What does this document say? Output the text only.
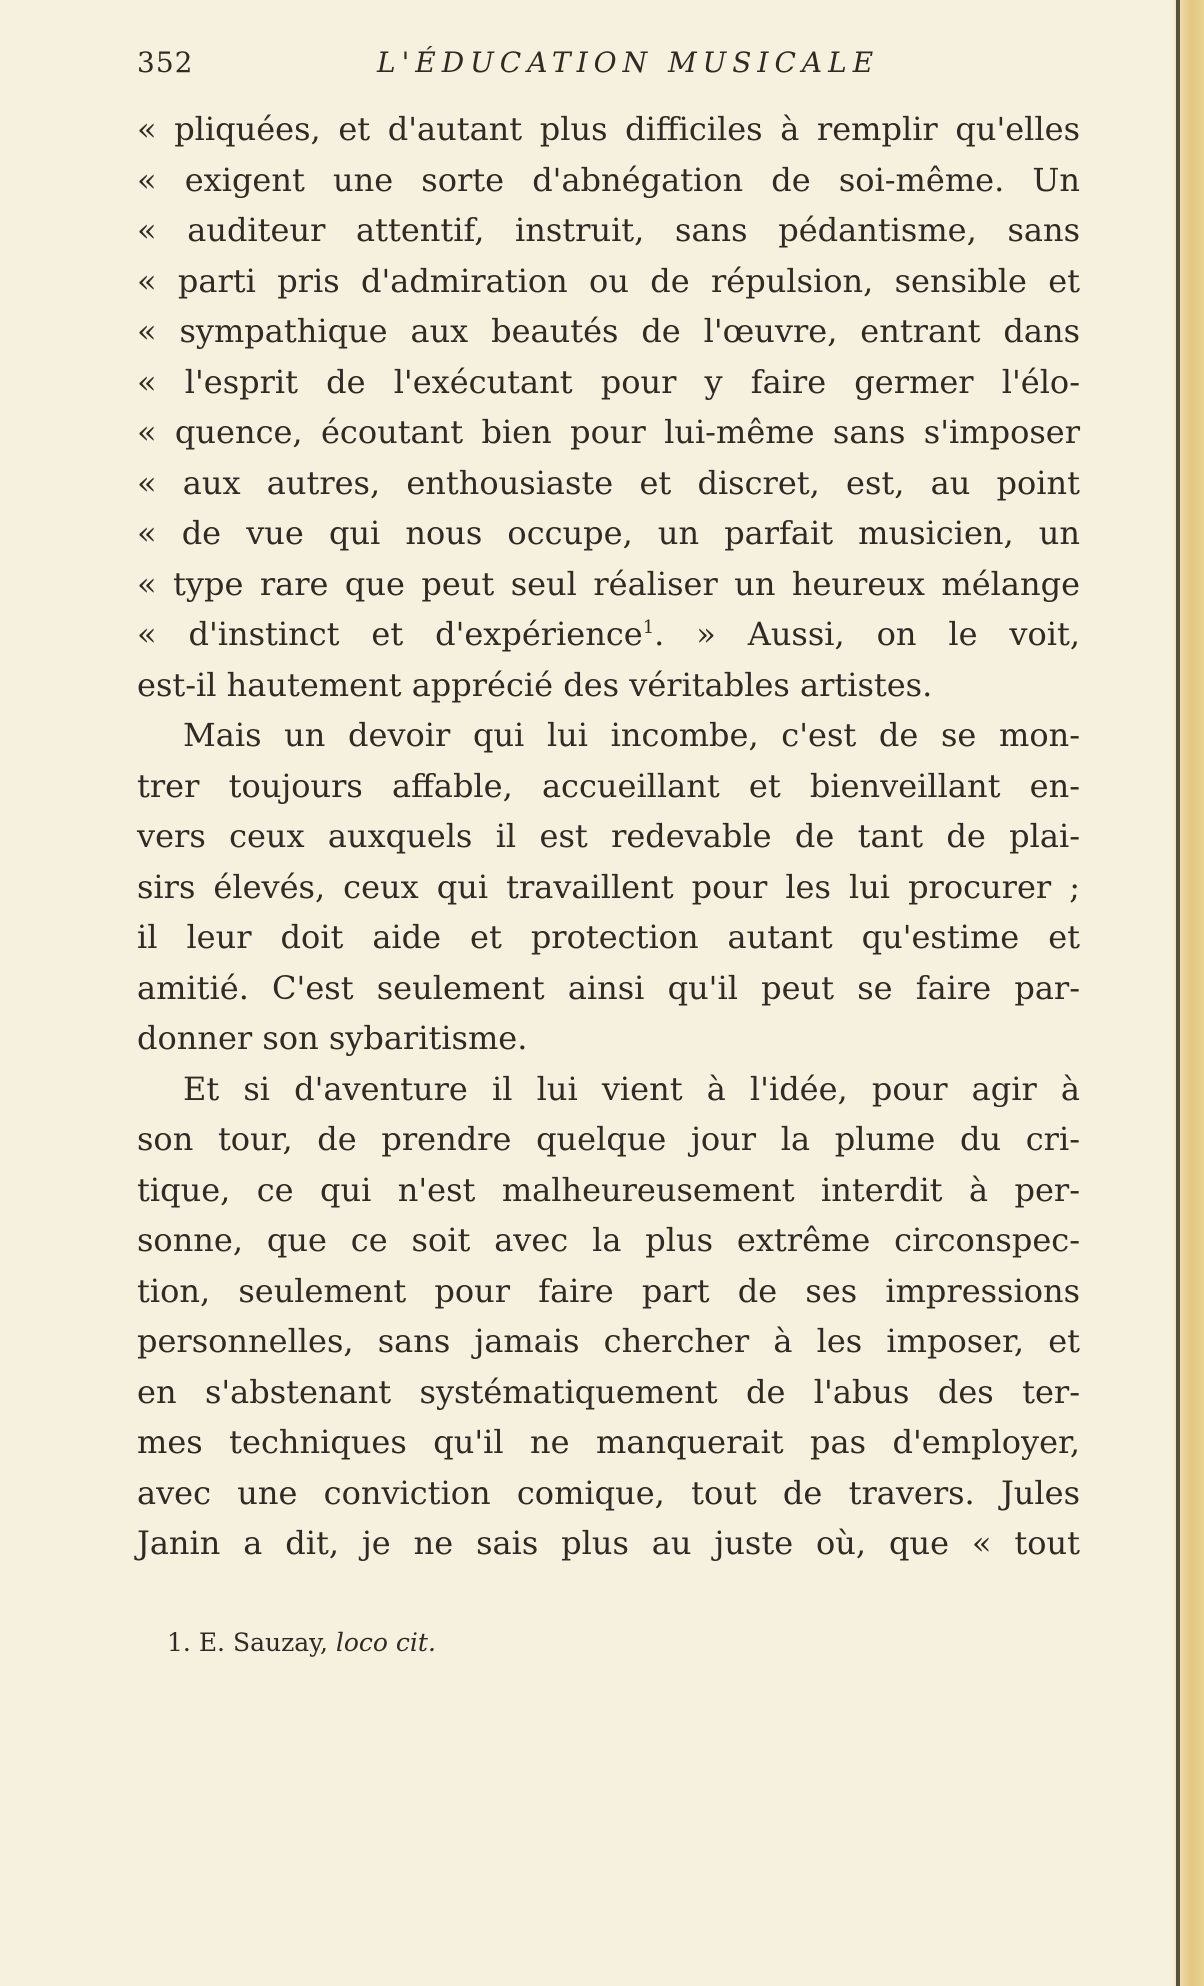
352	L'ÉDUCATION MUSICALE
« pliquées, et d'autant plus difficiles à remplir qu'elles
« exigent une sorte d'abnégation de soi-même. Un
« auditeur attentif, instruit, sans pédantisme, sans
« parti pris d'admiration ou de répulsion, sensible et
« sympathique aux beautés de l'œuvre, entrant dans
« l'esprit de l'exécutant pour y faire germer l'élo-
« quence, écoutant bien pour lui-même sans s'imposer
« aux autres, enthousiaste et discret, est, au point
« de vue qui nous occupe, un parfait musicien, un
« type rare que peut seul réaliser un heureux mélange
« d'instinct et d'expérience$^1$. » Aussi, on le voit,
est-il hautement apprécié des véritables artistes.
Mais un devoir qui lui incombe, c'est de se mon-
trer toujours affable, accueillant et bienveillant en-
vers ceux auxquels il est redevable de tant de plai-
sirs élevés, ceux qui travaillent pour les lui procurer ;
il leur doit aide et protection autant qu'estime et
amitié. C'est seulement ainsi qu'il peut se faire par-
donner son sybaritisme.
Et si d'aventure il lui vient à l'idée, pour agir à
son tour, de prendre quelque jour la plume du cri-
tique, ce qui n'est malheureusement interdit à per-
sonne, que ce soit avec la plus extrême circonspec-
tion, seulement pour faire part de ses impressions
personnelles, sans jamais chercher à les imposer, et
en s'abstenant systématiquement de l'abus des ter-
mes techniques qu'il ne manquerait pas d'employer,
avec une conviction comique, tout de travers. Jules
Janin a dit, je ne sais plus au juste où, que « tout
1. E. Sauzay, loco cit.
